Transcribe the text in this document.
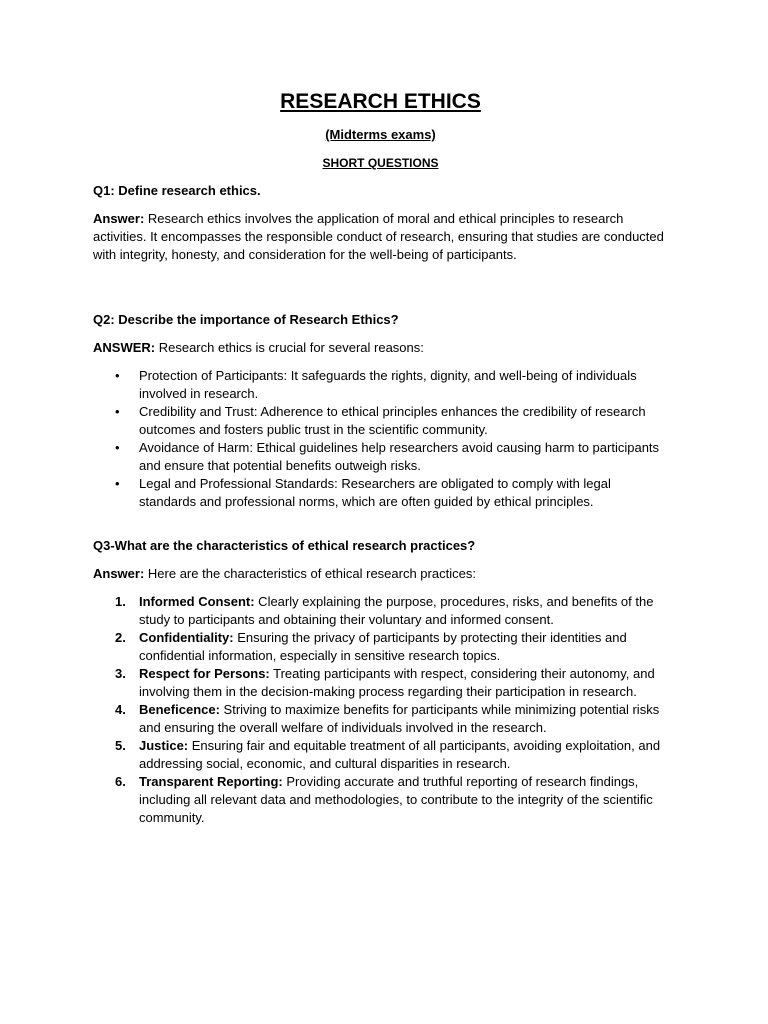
RESEARCH ETHICS
(Midterms exams)
SHORT QUESTIONS
Q1: Define research ethics.
Answer: Research ethics involves the application of moral and ethical principles to research activities. It encompasses the responsible conduct of research, ensuring that studies are conducted with integrity, honesty, and consideration for the well-being of participants.
Q2: Describe the importance of Research Ethics?
ANSWER: Research ethics is crucial for several reasons:
• Protection of Participants: It safeguards the rights, dignity, and well-being of individuals involved in research.
• Credibility and Trust: Adherence to ethical principles enhances the credibility of research outcomes and fosters public trust in the scientific community.
• Avoidance of Harm: Ethical guidelines help researchers avoid causing harm to participants and ensure that potential benefits outweigh risks.
• Legal and Professional Standards: Researchers are obligated to comply with legal standards and professional norms, which are often guided by ethical principles.
Q3-What are the characteristics of ethical research practices?
Answer: Here are the characteristics of ethical research practices:
1. Informed Consent: Clearly explaining the purpose, procedures, risks, and benefits of the study to participants and obtaining their voluntary and informed consent.
2. Confidentiality: Ensuring the privacy of participants by protecting their identities and confidential information, especially in sensitive research topics.
3. Respect for Persons: Treating participants with respect, considering their autonomy, and involving them in the decision-making process regarding their participation in research.
4. Beneficence: Striving to maximize benefits for participants while minimizing potential risks and ensuring the overall welfare of individuals involved in the research.
5. Justice: Ensuring fair and equitable treatment of all participants, avoiding exploitation, and addressing social, economic, and cultural disparities in research.
6. Transparent Reporting: Providing accurate and truthful reporting of research findings, including all relevant data and methodologies, to contribute to the integrity of the scientific community.
